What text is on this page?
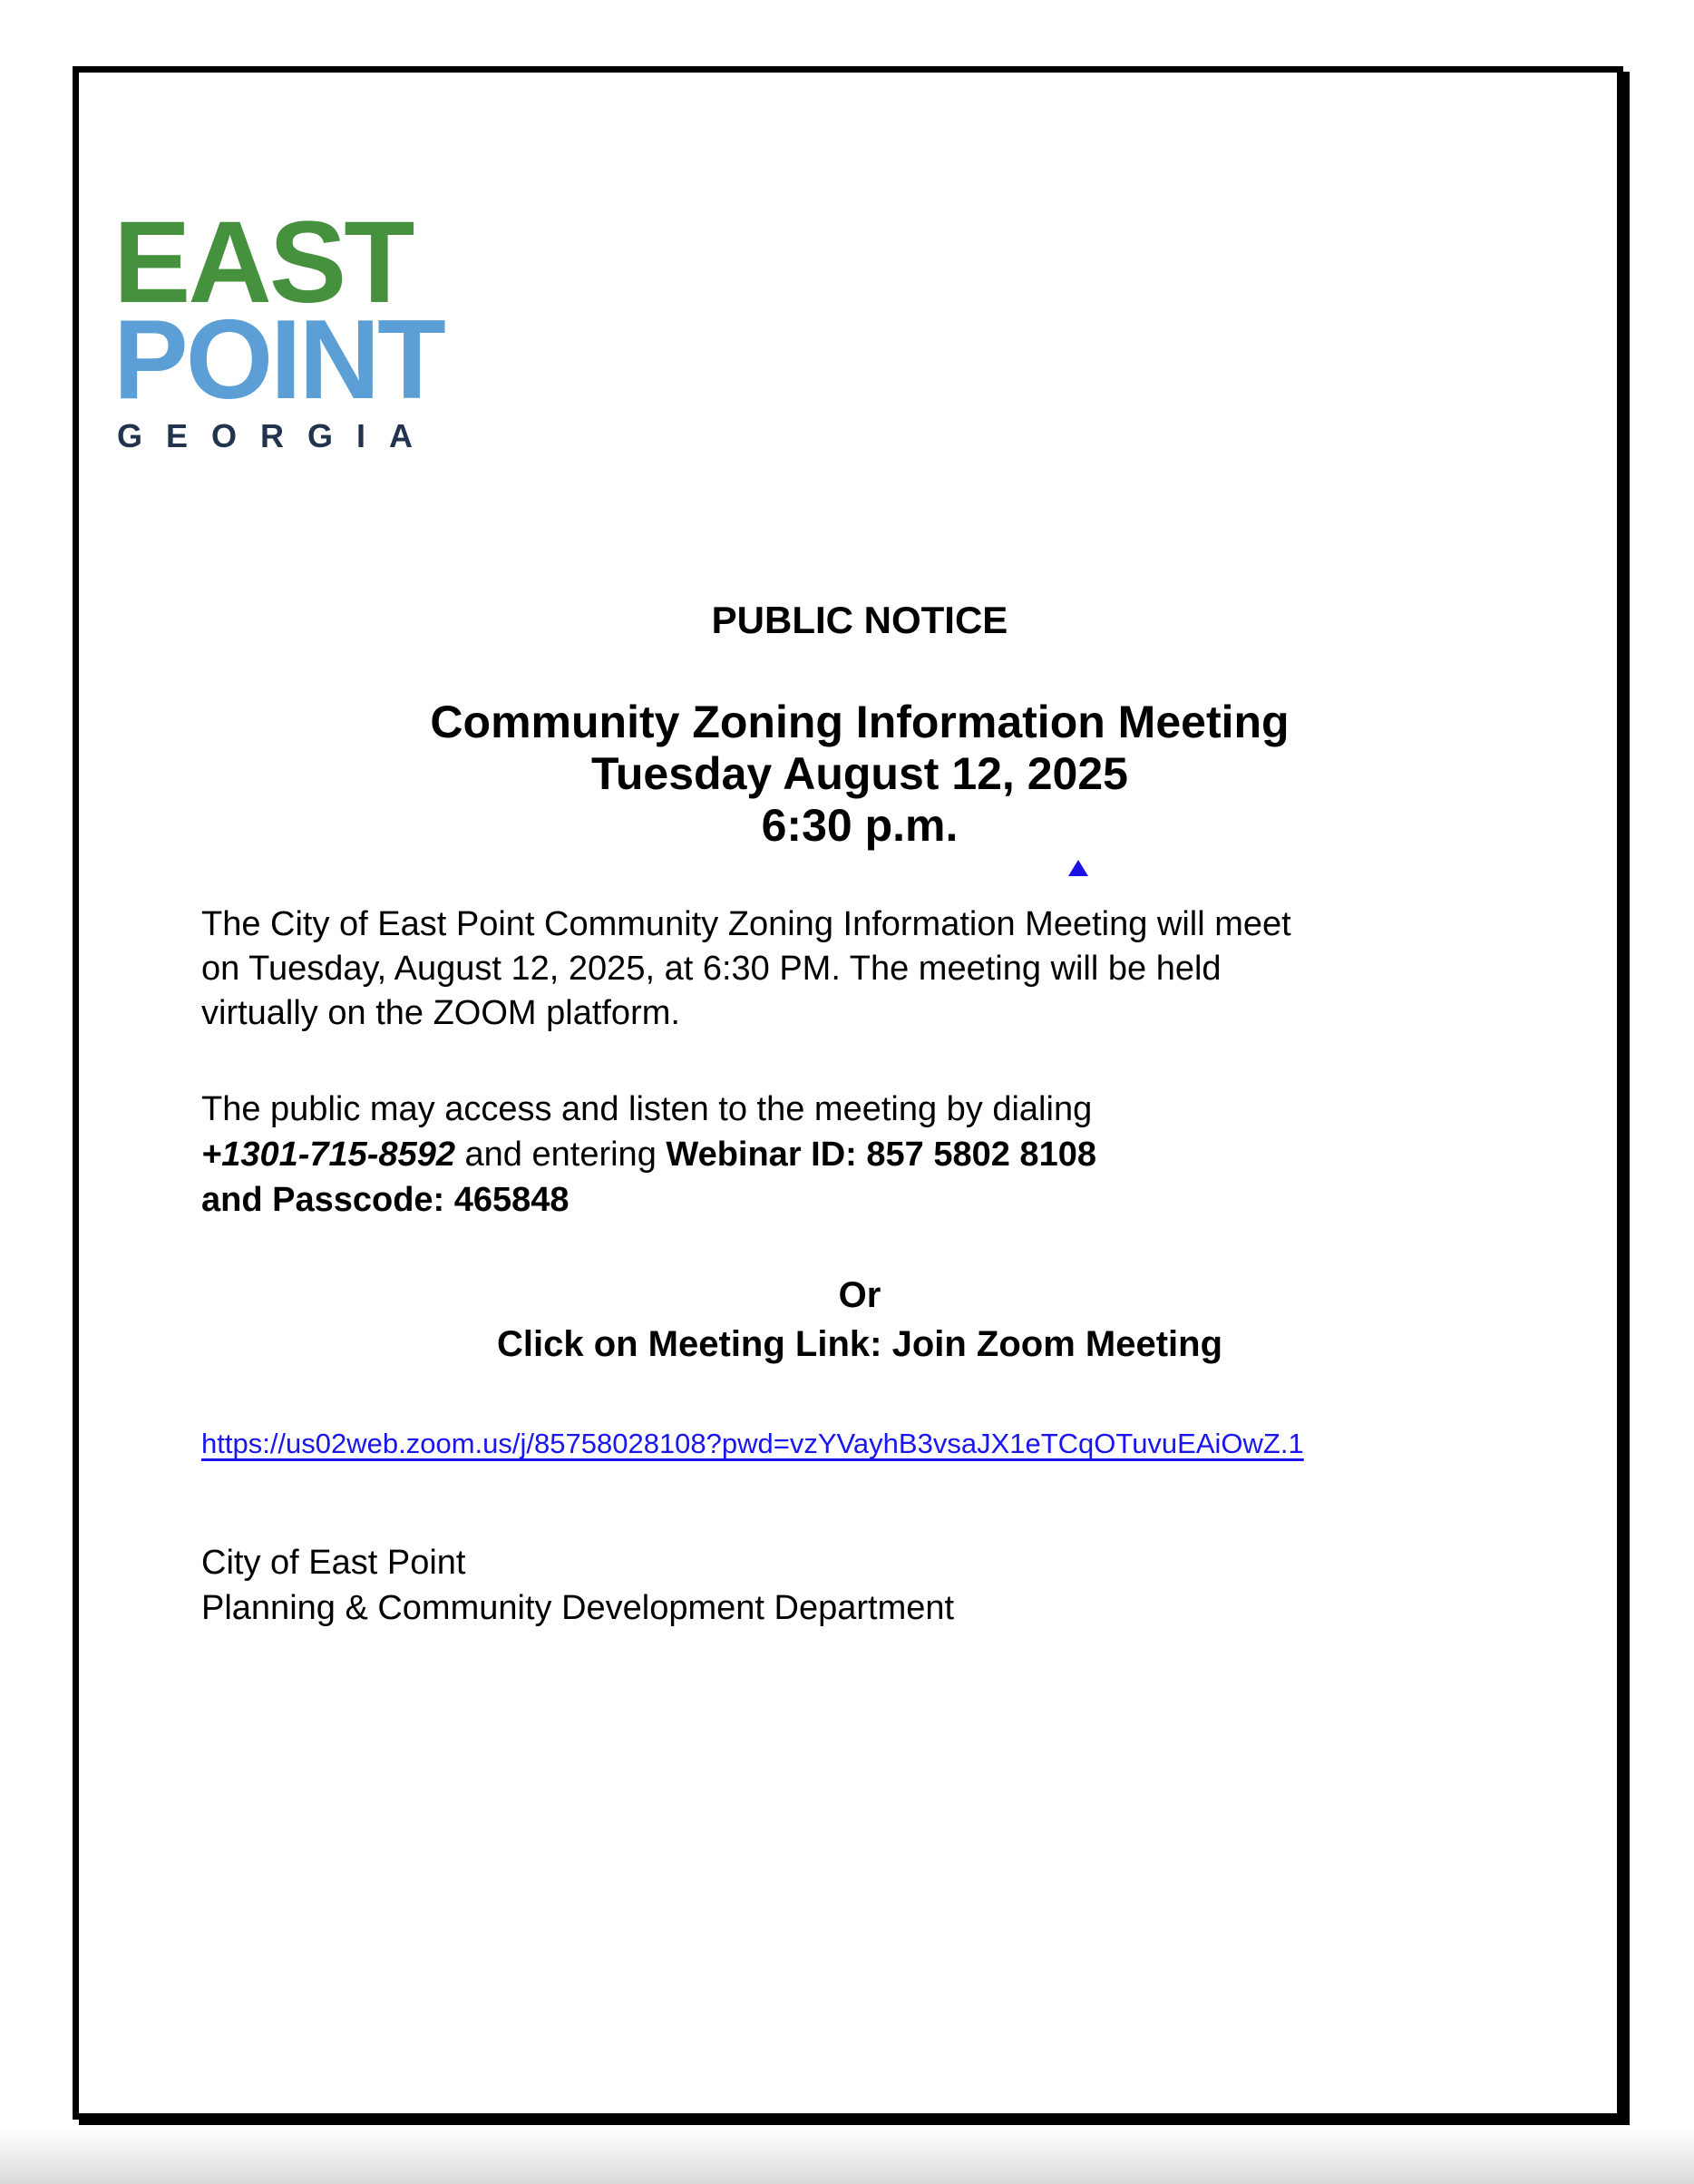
EAST
POINT
GEORGIA
PUBLIC NOTICE
Community Zoning Information Meeting
Tuesday August 12, 2025
6:30 p.m.

The City of East Point Community Zoning Information Meeting will meet
on Tuesday, August 12, 2025, at 6:30 PM. The meeting will be held
virtually on the ZOOM platform.

The public may access and listen to the meeting by dialing
+1301-715-8592 and entering Webinar ID: 857 5802 8108
and Passcode: 465848

Or
Click on Meeting Link: Join Zoom Meeting
https://us02web.zoom.us/j/85758028108?pwd=vzYVayhB3vsaJX1eTCqOTuvuEAiOwZ.1
City of East Point
Planning & Community Development Department
